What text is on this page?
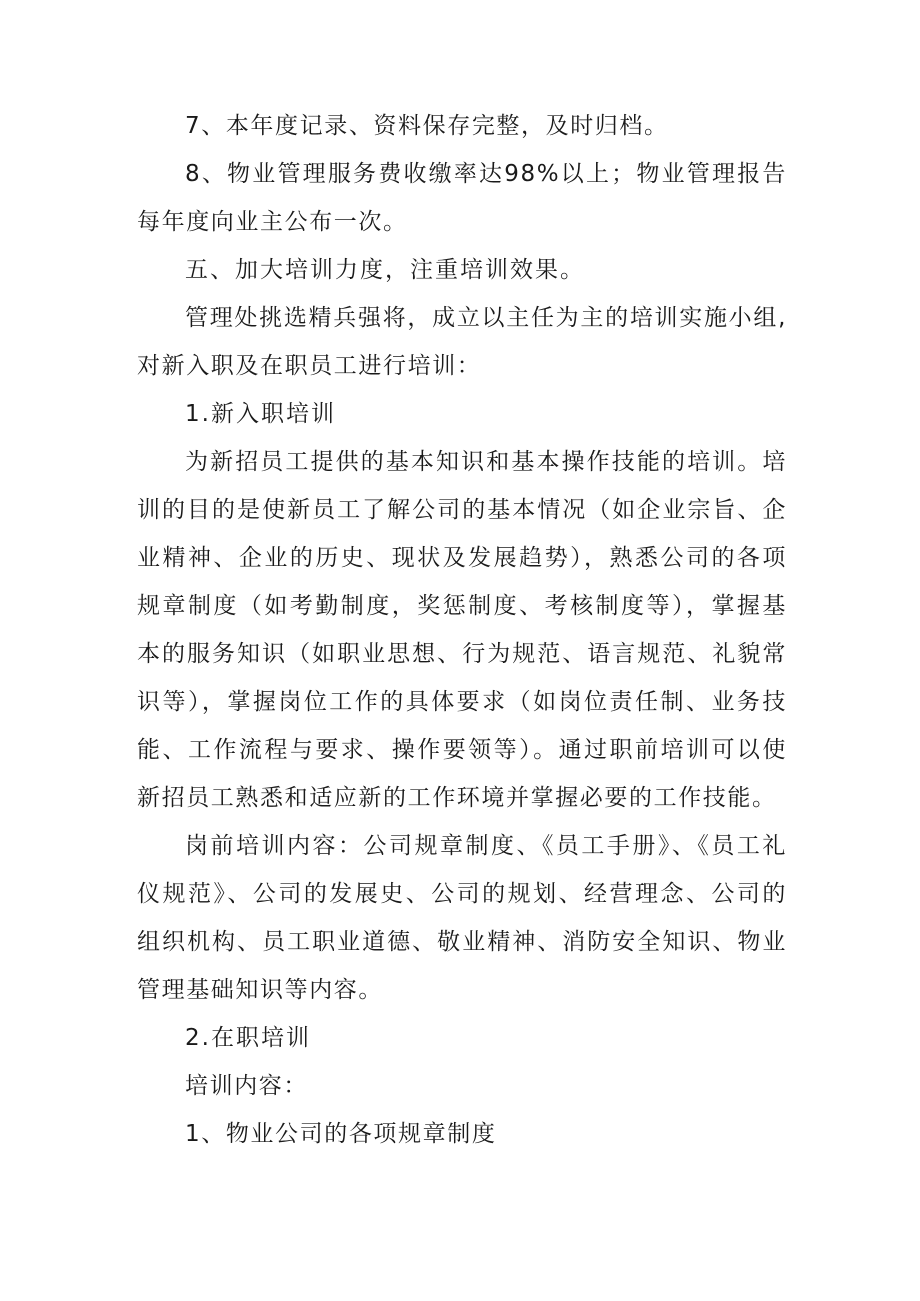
7、本年度记录、资料保存完整，及时归档。

8、物业管理服务费收缴率达98%以上；物业管理报告每年度向业主公布一次。

五、加大培训力度，注重培训效果。

管理处挑选精兵强将，成立以主任为主的培训实施小组,对新入职及在职员工进行培训：

1.新入职培训

为新招员工提供的基本知识和基本操作技能的培训。培训的目的是使新员工了解公司的基本情况（如企业宗旨、企业精神、企业的历史、现状及发展趋势），熟悉公司的各项规章制度（如考勤制度，奖惩制度、考核制度等），掌握基本的服务知识（如职业思想、行为规范、语言规范、礼貌常识等），掌握岗位工作的具体要求（如岗位责任制、业务技能、工作流程与要求、操作要领等）。通过职前培训可以使新招员工熟悉和适应新的工作环境并掌握必要的工作技能。

岗前培训内容：公司规章制度、《员工手册》、《员工礼仪规范》、公司的发展史、公司的规划、经营理念、公司的组织机构、员工职业道德、敬业精神、消防安全知识、物业管理基础知识等内容。

2.在职培训

培训内容：

1、物业公司的各项规章制度
